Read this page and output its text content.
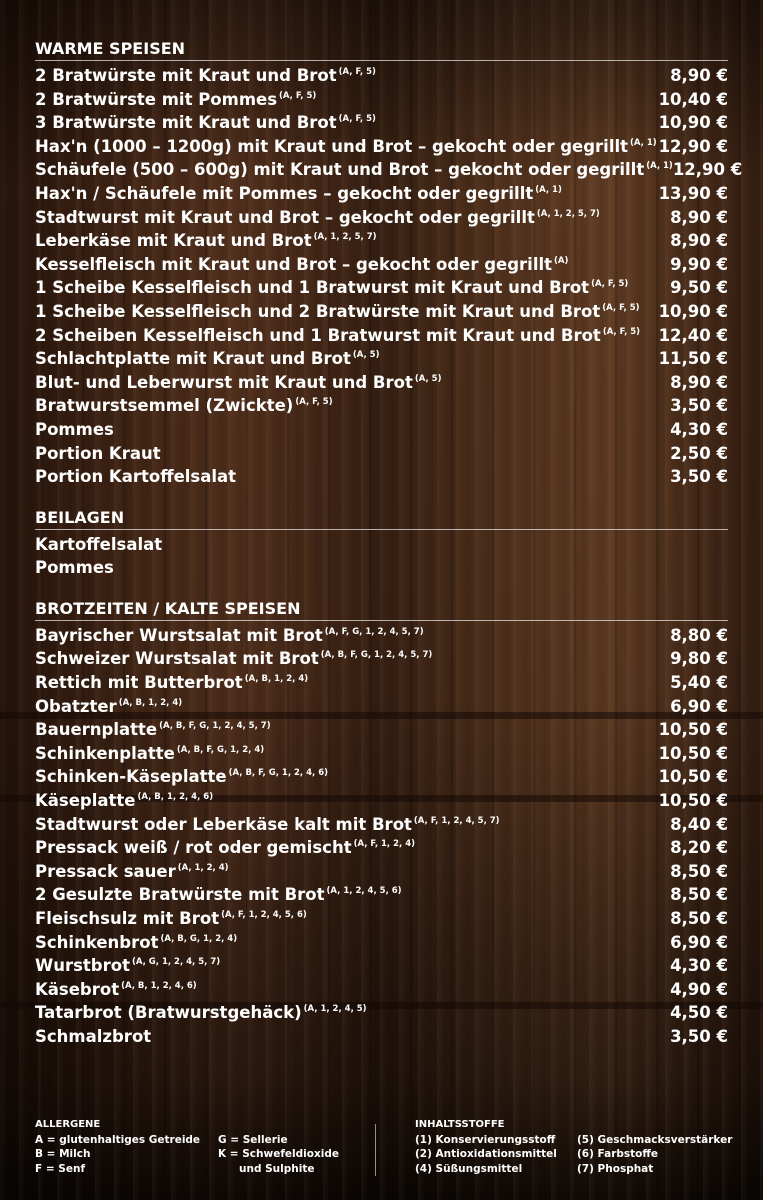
WARME SPEISEN
2 Bratwürste mit Kraut und Brot $^{(A, F, 5)}$	8,90 €
2 Bratwürste mit Pommes $^{(A, F, 5)}$	10,40 €
3 Bratwürste mit Kraut und Brot $^{(A, F, 5)}$	10,90 €
Hax'n (1000 – 1200g) mit Kraut und Brot – gekocht oder gegrillt $^{(A, 1)}$ 12,90 €
Schäufele (500 – 600g) mit Kraut und Brot – gekocht oder gegrillt $^{(A, 1)}$ 12,90 €
Hax'n / Schäufele mit Pommes – gekocht oder gegrillt $^{(A, 1)}$	13,90 €
Stadtwurst mit Kraut und Brot – gekocht oder gegrillt $^{(A, 1, 2, 5, 7)}$	8,90 €
Leberkäse mit Kraut und Brot $^{(A, 1, 2, 5, 7)}$	8,90 €
Kesselfleisch mit Kraut und Brot – gekocht oder gegrillt $^{(A)}$	9,90 €
1 Scheibe Kesselfleisch und 1 Bratwurst mit Kraut und Brot $^{(A, F, 5)}$	9,50 €
1 Scheibe Kesselfleisch und 2 Bratwürste mit Kraut und Brot $^{(A, F, 5)}$ 10,90 €
2 Scheiben Kesselfleisch und 1 Bratwurst mit Kraut und Brot $^{(A, F, 5)}$ 12,40 €
Schlachtplatte mit Kraut und Brot $^{(A, 5)}$	11,50 €
Blut- und Leberwurst mit Kraut und Brot $^{(A, 5)}$	8,90 €
Bratwurstsemmel (Zwickte) $^{(A, F, 5)}$	3,50 €
Pommes	4,30 €
Portion Kraut	2,50 €
Portion Kartoffelsalat	3,50 €
BEILAGEN
Kartoffelsalat
Pommes
BROTZEITEN / KALTE SPEISEN
Bayrischer Wurstsalat mit Brot $^{(A, F, G, 1, 2, 4, 5, 7)}$	8,80 €
Schweizer Wurstsalat mit Brot $^{(A, B, F, G, 1, 2, 4, 5, 7)}$	9,80 €
Rettich mit Butterbrot $^{(A, B, 1, 2, 4)}$	5,40 €
Obatzter $^{(A, B, 1, 2, 4)}$	6,90 €
Bauernplatte $^{(A, B, F, G, 1, 2, 4, 5, 7)}$	10,50 €
Schinkenplatte $^{(A, B, F, G, 1, 2, 4)}$	10,50 €
Schinken-Käseplatte $^{(A, B, F, G, 1, 2, 4, 6)}$	10,50 €
Käseplatte $^{(A, B, 1, 2, 4, 6)}$	10,50 €
Stadtwurst oder Leberkäse kalt mit Brot $^{(A, F, 1, 2, 4, 5, 7)}$	8,40 €
Pressack weiß / rot oder gemischt $^{(A, F, 1, 2, 4)}$	8,20 €
Pressack sauer $^{(A, 1, 2, 4)}$	8,50 €
2 Gesulzte Bratwürste mit Brot $^{(A, 1, 2, 4, 5, 6)}$	8,50 €
Fleischsulz mit Brot $^{(A, F, 1, 2, 4, 5, 6)}$	8,50 €
Schinkenbrot $^{(A, B, G, 1, 2, 4)}$	6,90 €
Wurstbrot $^{(A, G, 1, 2, 4, 5, 7)}$	4,30 €
Käsebrot $^{(A, B, 1, 2, 4, 6)}$	4,90 €
Tatarbrot (Bratwurstgehäck) $^{(A, 1, 2, 4, 5)}$	4,50 €
Schmalzbrot	3,50 €
ALLERGENE
A = glutenhaltiges Getreide
B = Milch
F = Senf
G = Sellerie
K = Schwefeldioxide
und Sulphite
INHALTSSTOFFE
(1) Konservierungsstoff
(2) Antioxidationsmittel
(4) Süßungsmittel
(5) Geschmacksverstärker
(6) Farbstoffe
(7) Phosphat
